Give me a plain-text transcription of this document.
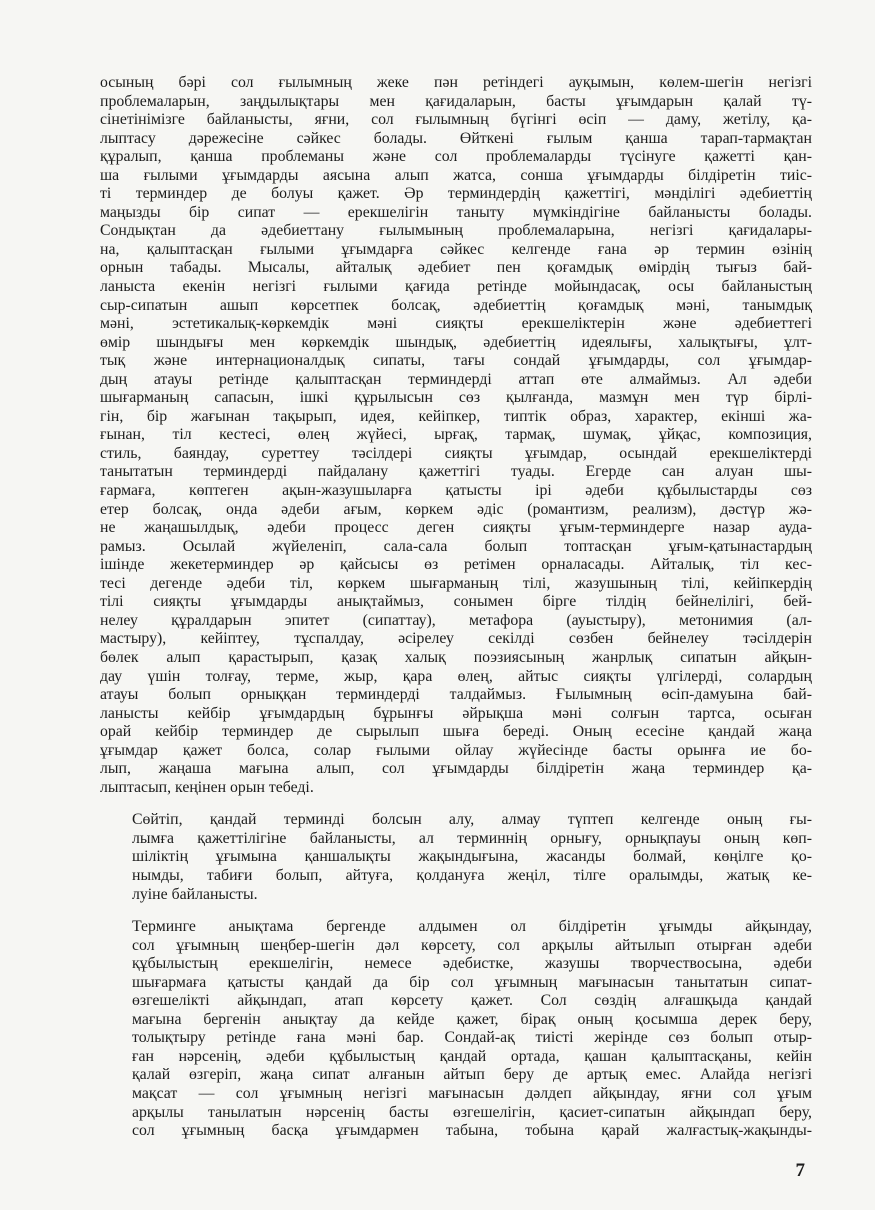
осының бәрі сол ғылымның жеке пән ретіндегі ауқымын, көлем-шегін негізгі
проблемаларын, заңдылықтары мен қағидаларын, басты ұғымдарын қалай тү-
сінетінімізге байланысты, яғни, сол ғылымның бүгінгі өсіп — даму, жетілу, қа-
лыптасу дәрежесіне сәйкес болады. Өйткені ғылым қанша тарап-тармақтан
құралып, қанша проблеманы және сол проблемаларды түсінуге қажетті қан-
ша ғылыми ұғымдарды аясына алып жатса, сонша ұғымдарды білдіретін тиіс-
ті терминдер де болуы қажет. Әр терминдердің қажеттігі, мәнділігі әдебиеттің
маңызды бір сипат — ерекшелігін таныту мүмкіндігіне байланысты болады.
Сондықтан да әдебиеттану ғылымының проблемаларына, негізгі қағидалары-
на, қалыптасқан ғылыми ұғымдарға сәйкес келгенде ғана әр термин өзінің
орнын табады. Мысалы, айталық әдебиет пен қоғамдық өмірдің тығыз бай-
ланыста екенін негізгі ғылыми қағида ретінде мойындасақ, осы байланыстың
сыр-сипатын ашып көрсетпек болсақ, әдебиеттің қоғамдық мәні, танымдық
мәні, эстетикалық-көркемдік мәні сияқты ерекшеліктерін және әдебиеттегі
өмір шындығы мен көркемдік шындық, әдебиеттің идеялығы, халықтығы, ұлт-
тық және интернационалдық сипаты, тағы сондай ұғымдарды, сол ұғымдар-
дың атауы ретінде қалыптасқан терминдерді аттап өте алмаймыз. Ал әдеби
шығарманың сапасын, ішкі құрылысын сөз қылғанда, мазмұн мен түр бірлі-
гін, бір жағынан тақырып, идея, кейіпкер, типтік образ, характер, екінші жа-
ғынан, тіл кестесі, өлең жүйесі, ырғақ, тармақ, шумақ, ұйқас, композиция,
стиль, баяндау, суреттеу тәсілдері сияқты ұғымдар, осындай ерекшеліктерді
танытатын терминдерді пайдалану қажеттігі туады. Егерде сан алуан шы-
ғармаға, көптеген ақын-жазушыларға қатысты ірі әдеби құбылыстарды сөз
етер болсақ, онда әдеби ағым, көркем әдіс (романтизм, реализм), дәстүр жә-
не жаңашылдық, әдеби процесс деген сияқты ұғым-терминдерге назар ауда-
рамыз. Осылай жүйеленіп, сала-сала болып топтасқан ұғым-қатынастардың
ішінде жекетерминдер әр қайсысы өз ретімен орналасады. Айталық, тіл кес-
тесі дегенде әдеби тіл, көркем шығарманың тілі, жазушының тілі, кейіпкердің
тілі сияқты ұғымдарды анықтаймыз, сонымен бірге тілдің бейнелілігі, бей-
нелеу құралдарын эпитет (сипаттау), метафора (ауыстыру), метонимия (ал-
мастыру), кейіптеу, тұспалдау, әсірелеу секілді сөзбен бейнелеу тәсілдерін
бөлек алып қарастырып, қазақ халық поэзиясының жанрлық сипатын айқын-
дау үшін толғау, терме, жыр, қара өлең, айтыс сияқты үлгілерді, солардың
атауы болып орныққан терминдерді талдаймыз. Ғылымның өсіп-дамуына бай-
ланысты кейбір ұғымдардың бұрынғы әйрықша мәні солғын тартса, осыған
орай кейбір терминдер де сырылып шыға береді. Оның есесіне қандай жаңа
ұғымдар қажет болса, солар ғылыми ойлау жүйесінде басты орынға ие бо-
лып, жаңаша мағына алып, сол ұғымдарды білдіретін жаңа терминдер қа-
лыптасып, кеңінен орын тебеді.

Сөйтіп, қандай терминді болсын алу, алмау түптеп келгенде оның ғы-
лымға қажеттілігіне байланысты, ал терминнің орнығу, орнықпауы оның көп-
шіліктің ұғымына қаншалықты жақындығына, жасанды болмай, көңілге қо-
нымды, табиғи болып, айтуға, қолдануға жеңіл, тілге оралымды, жатық ке-
луіне байланысты.

Терминге анықтама бергенде алдымен ол білдіретін ұғымды айқындау,
сол ұғымның шеңбер-шегін дәл көрсету, сол арқылы айтылып отырған әдеби
құбылыстың ерекшелігін, немесе әдебистке, жазушы творчествосына, әдеби
шығармаға қатысты қандай да бір сол ұғымның мағынасын танытатын сипат-
өзгешелікті айқындап, атап көрсету қажет. Сол сөздің алғашқыда қандай
мағына бергенін анықтау да кейде қажет, бірақ оның қосымша дерек беру,
толықтыру ретінде ғана мәні бар. Сондай-ақ тиісті жерінде сөз болып отыр-
ған нәрсенің, әдеби құбылыстың қандай ортада, қашан қалыптасқаны, кейін
қалай өзгеріп, жаңа сипат алғанын айтып беру де артық емес. Алайда негізгі
мақсат — сол ұғымның негізгі мағынасын дәлдеп айқындау, яғни сол ұғым
арқылы танылатын нәрсенің басты өзгешелігін, қасиет-сипатын айқындап беру,
сол ұғымның басқа ұғымдармен табына, тобына қарай жалғастық-жақынды-

7
